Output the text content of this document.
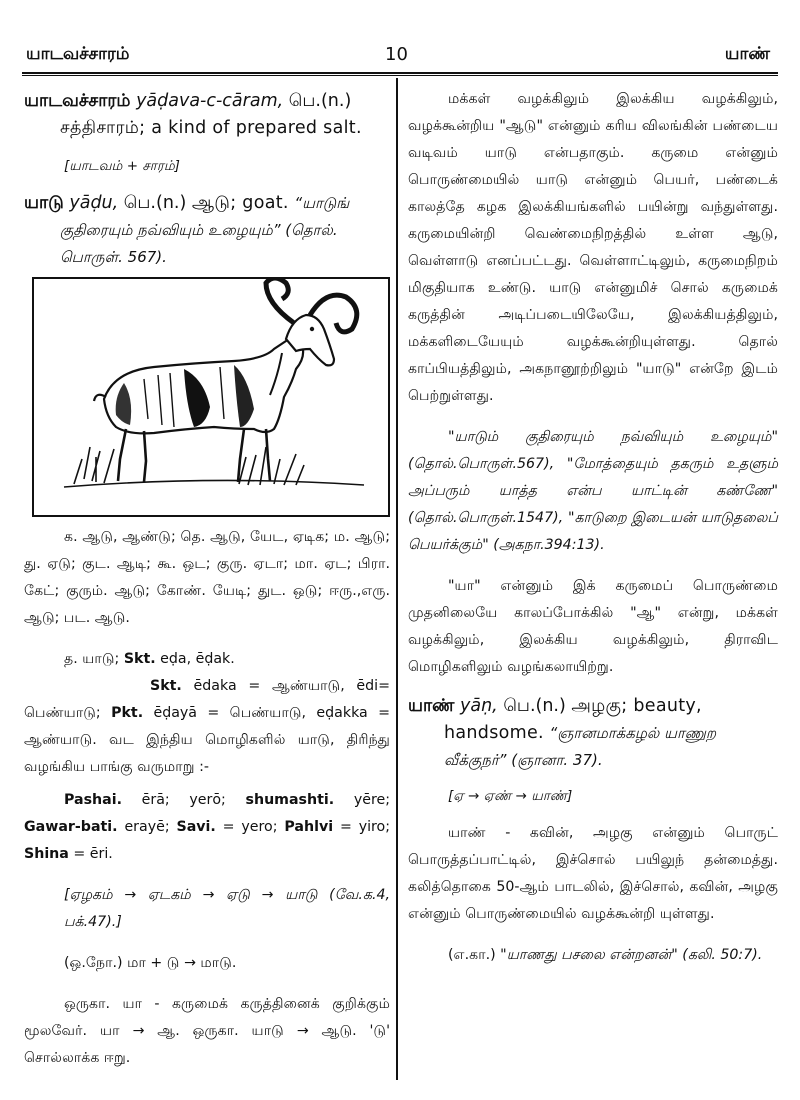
யாடவச்சாரம்	10	யாண்

யாடவச்சாரம் yāḍava-c-cāram, பெ.(n.) சத்திசாரம்; a kind of prepared salt.

[யாடவம் + சாரம்]

யாடு yāḍu, பெ.(n.) ஆடு; goat. “யாடுங் குதிரையும் நவ்வியும் உழையும்” (தொல். பொருள். 567).

க. ஆடு, ஆண்டு; தெ. ஆடு, யேட, ஏடிக; ம. ஆடு; து. ஏடு; குட. ஆடி; கூ. ஒட; குரு. ஏடா; மா. ஏட; பிரா. கேட்; குரும். ஆடு; கோண். யேடி; துட. ஒடு; ஈரு.,எரு. ஆடு; பட. ஆடு.

த. யாடு; Skt. eḍa, ēḍak.

Skt. ēdaka = ஆண்யாடு, ēdi= பெண்யாடு; Pkt. ēḍayā = பெண்யாடு, eḍakka = ஆண்யாடு. வட இந்திய மொழிகளில் யாடு, திரிந்து வழங்கிய பாங்கு வருமாறு :-

Pashai. ērā; yerō; shumashti. yēre; Gawar-bati. erayē; Savi. = yero; Pahlvi = yiro; Shina = ēri.

[ஏழகம் → ஏடகம் → ஏடு → யாடு (வே.க.4, பக்.47).]

(ஒ.நோ.) மா + டு → மாடு.

ஒருகா. யா - கருமைக் கருத்தினைக் குறிக்கும் மூலவேர். யா → ஆ. ஒருகா. யாடு → ஆடு. 'டு' சொல்லாக்க ஈறு.

மக்கள் வழக்கிலும் இலக்கிய வழக்கிலும், வழக்கூன்றிய "ஆடு" என்னும் கரிய விலங்கின் பண்டைய வடிவம் யாடு என்பதாகும். கருமை என்னும் பொருண்மையில் யாடு என்னும் பெயர், பண்டைக் காலத்தே கழக இலக்கியங்களில் பயின்று வந்துள்ளது. கருமையின்றி வெண்மைநிறத்தில் உள்ள ஆடு, வெள்ளாடு எனப்பட்டது. வெள்ளாட்டிலும், கருமைநிறம் மிகுதியாக உண்டு. யாடு என்னுமிச் சொல் கருமைக் கருத்தின் அடிப்படையிலேயே, இலக்கியத்திலும், மக்களிடையேயும் வழக்கூன்றியுள்ளது. தொல் காப்பியத்திலும், அகநானூற்றிலும் "யாடு" என்றே இடம் பெற்றுள்ளது.

"யாடும் குதிரையும் நவ்வியும் உழையும்" (தொல்.பொருள்.567), "மோத்தையும் தகரும் உதளும் அப்பரும் யாத்த என்ப யாட்டின் கண்ணே" (தொல்.பொருள்.1547), "காடுறை இடையன் யாடுதலைப் பெயர்க்கும்" (அகநா.394:13).

"யா" என்னும் இக் கருமைப் பொருண்மை முதனிலையே காலப்போக்கில் "ஆ" என்று, மக்கள் வழக்கிலும், இலக்கிய வழக்கிலும், திராவிட மொழிகளிலும் வழங்கலாயிற்று.

யாண் yāṇ, பெ.(n.) அழகு; beauty, handsome. “ஞானமாக்கழல் யாணுற வீக்குநர்” (ஞானா. 37).

[ஏ → ஏண் → யாண்]

யாண் - கவின், அழகு என்னும் பொருட் பொருத்தப்பாட்டில், இச்சொல் பயிலுந் தன்மைத்து. கலித்தொகை 50-ஆம் பாடலில், இச்சொல், கவின், அழகு என்னும் பொருண்மையில் வழக்கூன்றி யுள்ளது.

(எ.கா.) "யாணது பசலை என்றனன்" (கலி. 50:7).
